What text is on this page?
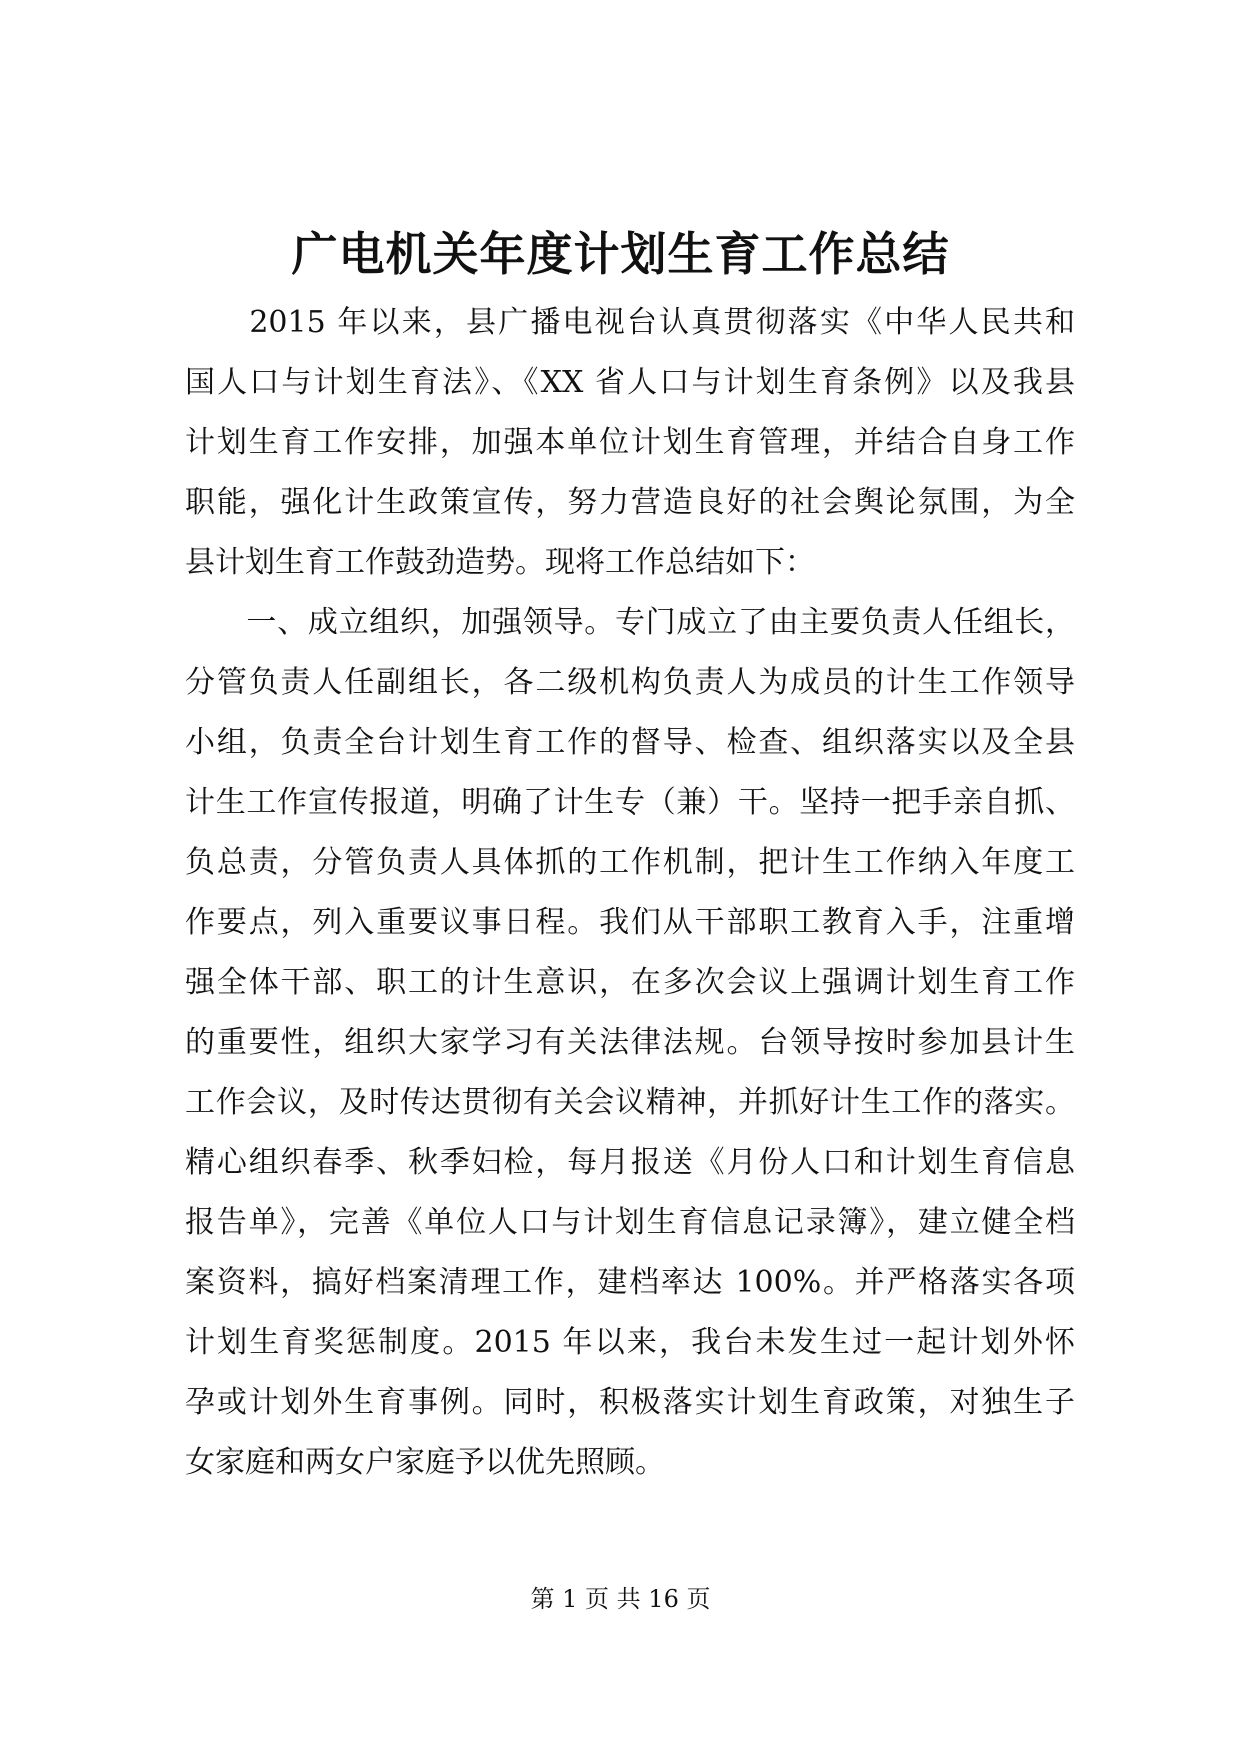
广电机关年度计划生育工作总结
　　2015 年以来，县广播电视台认真贯彻落实《中华人民共和
国人口与计划生育法》、《XX 省人口与计划生育条例》以及我县
计划生育工作安排，加强本单位计划生育管理，并结合自身工作
职能，强化计生政策宣传，努力营造良好的社会舆论氛围，为全
县计划生育工作鼓劲造势。现将工作总结如下：
　　一、成立组织，加强领导。专门成立了由主要负责人任组长，
分管负责人任副组长，各二级机构负责人为成员的计生工作领导
小组，负责全台计划生育工作的督导、检查、组织落实以及全县
计生工作宣传报道，明确了计生专（兼）干。坚持一把手亲自抓、
负总责，分管负责人具体抓的工作机制，把计生工作纳入年度工
作要点，列入重要议事日程。我们从干部职工教育入手，注重增
强全体干部、职工的计生意识，在多次会议上强调计划生育工作
的重要性，组织大家学习有关法律法规。台领导按时参加县计生
工作会议，及时传达贯彻有关会议精神，并抓好计生工作的落实。
精心组织春季、秋季妇检，每月报送《月份人口和计划生育信息
报告单》，完善《单位人口与计划生育信息记录簿》，建立健全档
案资料，搞好档案清理工作，建档率达 100%。并严格落实各项
计划生育奖惩制度。2015 年以来，我台未发生过一起计划外怀
孕或计划外生育事例。同时，积极落实计划生育政策，对独生子
女家庭和两女户家庭予以优先照顾。
第 1 页 共 16 页
